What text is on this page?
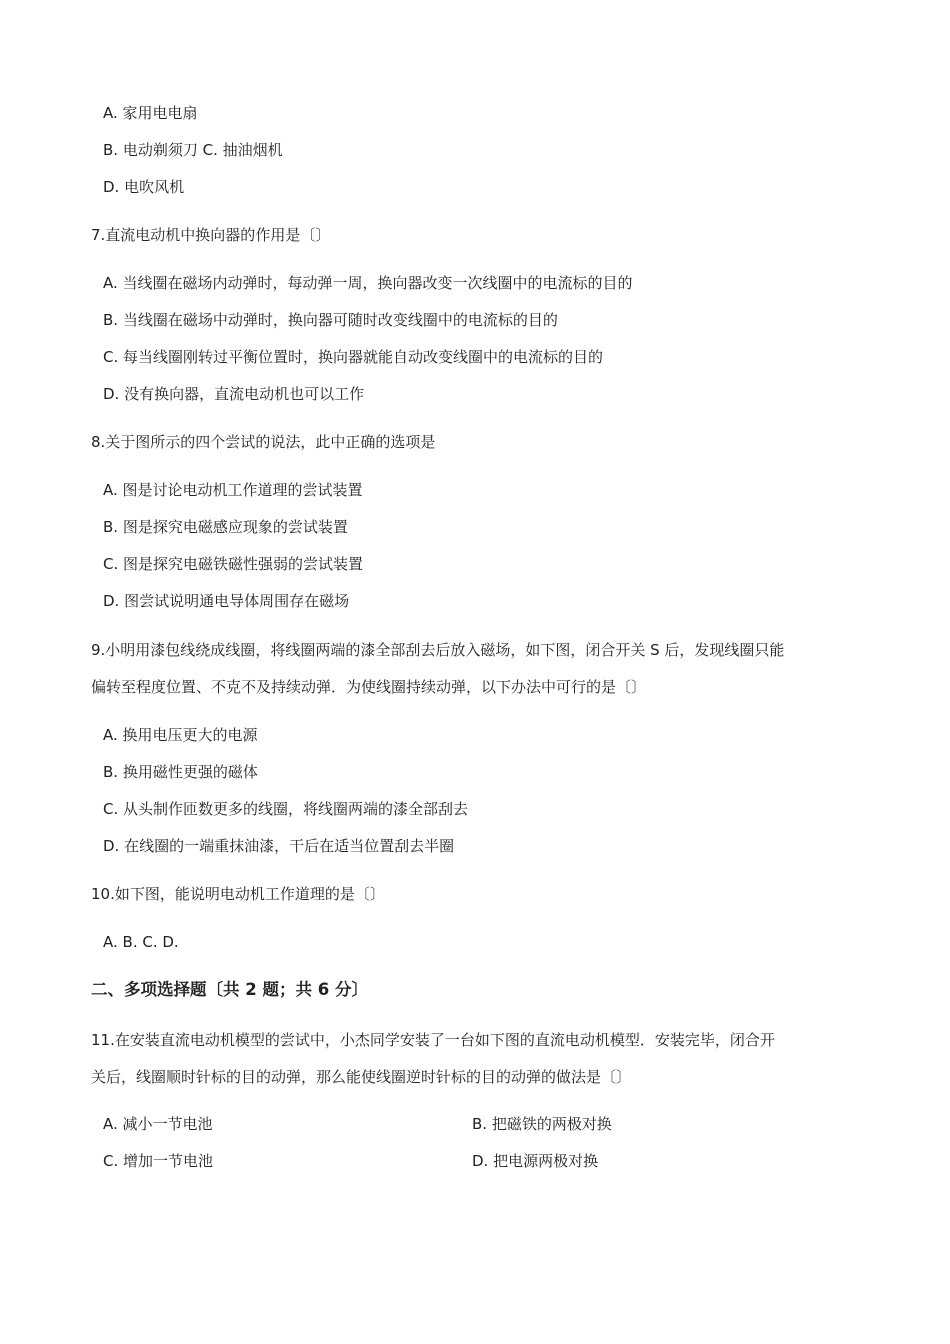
A. 家用电电扇
B. 电动剃须刀 C. 抽油烟机
D. 电吹风机
7.直流电动机中换向器的作用是〔〕
A. 当线圈在磁场内动弹时，每动弹一周，换向器改变一次线圈中的电流标的目的
B. 当线圈在磁场中动弹时，换向器可随时改变线圈中的电流标的目的
C. 每当线圈刚转过平衡位置时，换向器就能自动改变线圈中的电流标的目的
D. 没有换向器，直流电动机也可以工作
8.关于图所示的四个尝试的说法，此中正确的选项是
A. 图是讨论电动机工作道理的尝试装置
B. 图是探究电磁感应现象的尝试装置
C. 图是探究电磁铁磁性强弱的尝试装置
D. 图尝试说明通电导体周围存在磁场
9.小明用漆包线绕成线圈，将线圈两端的漆全部刮去后放入磁场，如下图，闭合开关 S 后，发现线圈只能
偏转至程度位置、不克不及持续动弹．为使线圈持续动弹，以下办法中可行的是〔〕
A. 换用电压更大的电源
B. 换用磁性更强的磁体
C. 从头制作匝数更多的线圈，将线圈两端的漆全部刮去
D. 在线圈的一端重抹油漆，干后在适当位置刮去半圈
10.如下图，能说明电动机工作道理的是〔〕
A. B. C. D.
二、多项选择题〔共 2 题；共 6 分〕
11.在安装直流电动机模型的尝试中，小杰同学安装了一台如下图的直流电动机模型．安装完毕，闭合开
关后，线圈顺时针标的目的动弹，那么能使线圈逆时针标的目的动弹的做法是〔〕
A. 减小一节电池	B. 把磁铁的两极对换
C. 增加一节电池	D. 把电源两极对换
